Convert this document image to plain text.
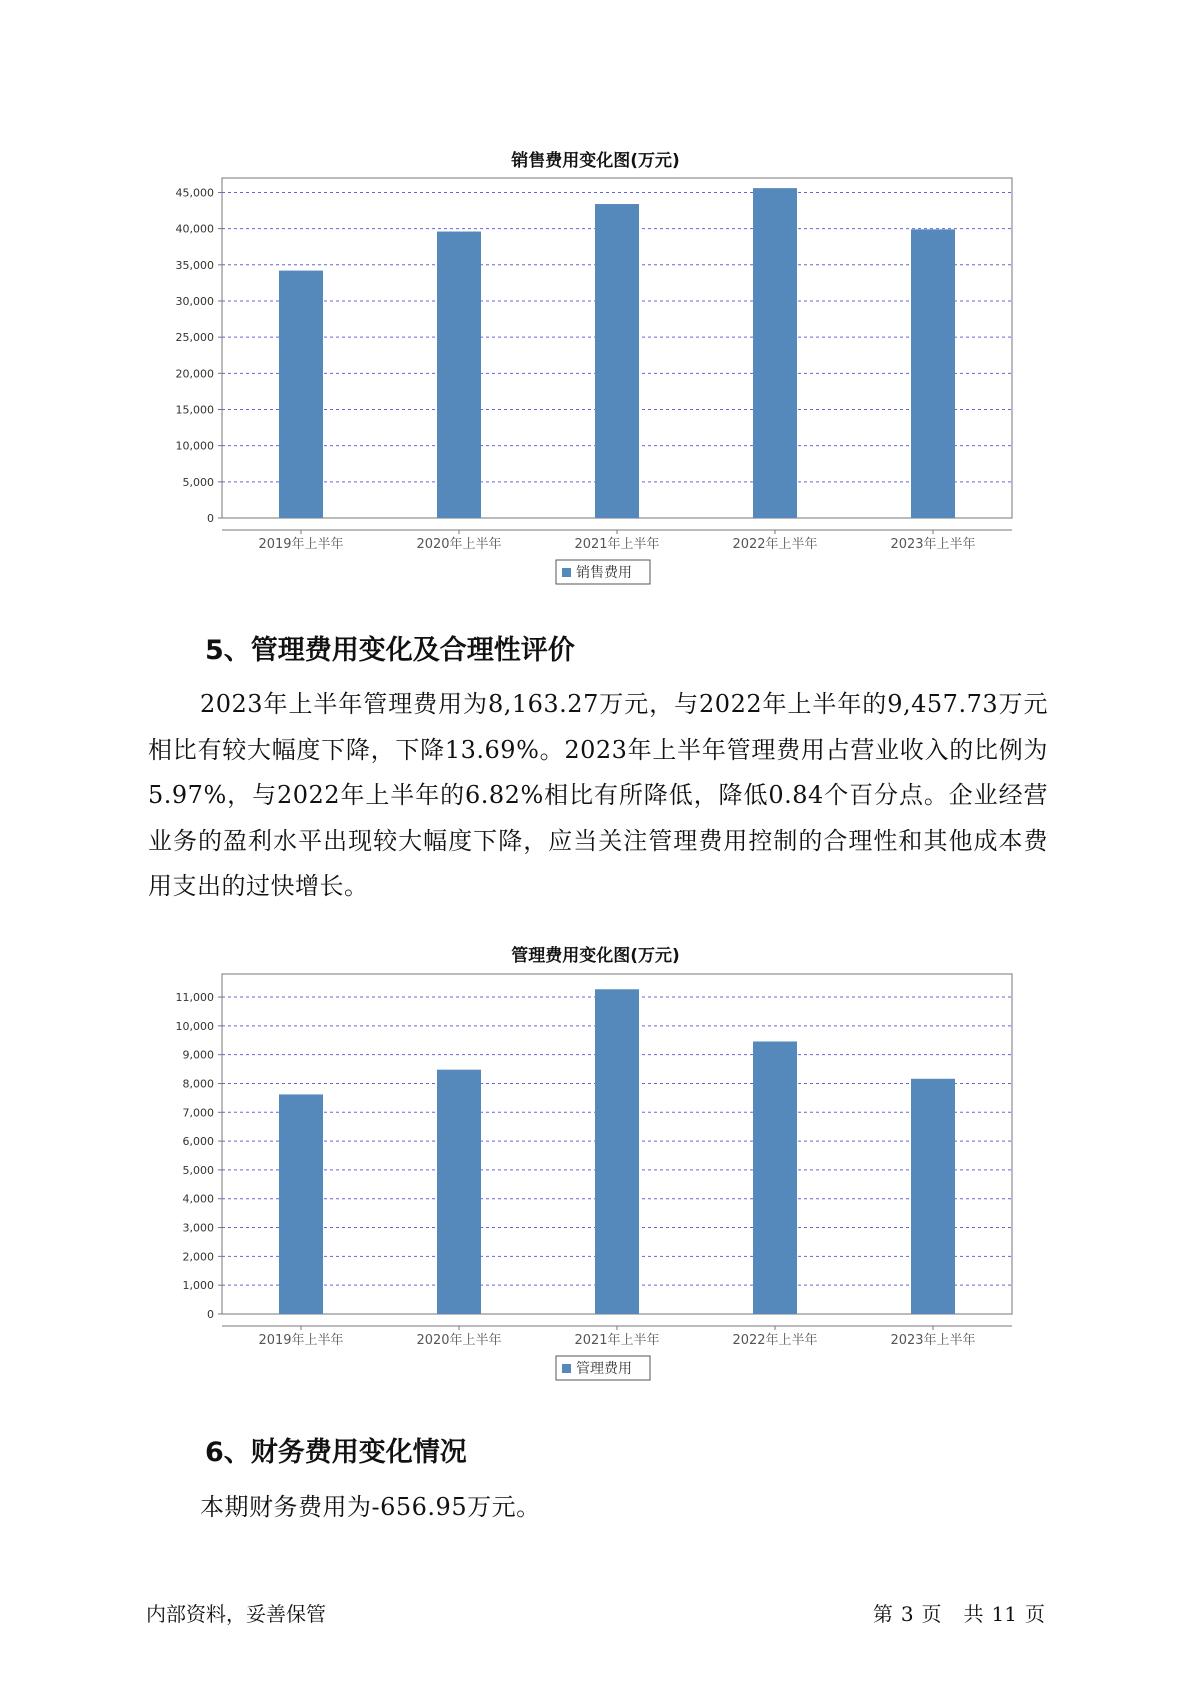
销售费用变化图(万元)
0
5,000
10,000
15,000
20,000
25,000
30,000
35,000
40,000
45,000
2019年上半年	2020年上半年	2021年上半年	2022年上半年	2023年上半年
销售费用
5、管理费用变化及合理性评价
2023年上半年管理费用为8,163.27万元，与2022年上半年的9,457.73万元相比有较大幅度下降，下降13.69%。2023年上半年管理费用占营业收入的比例为5.97%，与2022年上半年的6.82%相比有所降低，降低0.84个百分点。企业经营业务的盈利水平出现较大幅度下降，应当关注管理费用控制的合理性和其他成本费用支出的过快增长。
管理费用变化图(万元)
0
1,000
2,000
3,000
4,000
5,000
6,000
7,000
8,000
9,000
10,000
11,000
2019年上半年	2020年上半年	2021年上半年	2022年上半年	2023年上半年
管理费用
6、财务费用变化情况
本期财务费用为-656.95万元。
内部资料，妥善保管	第 3 页 共 11 页
